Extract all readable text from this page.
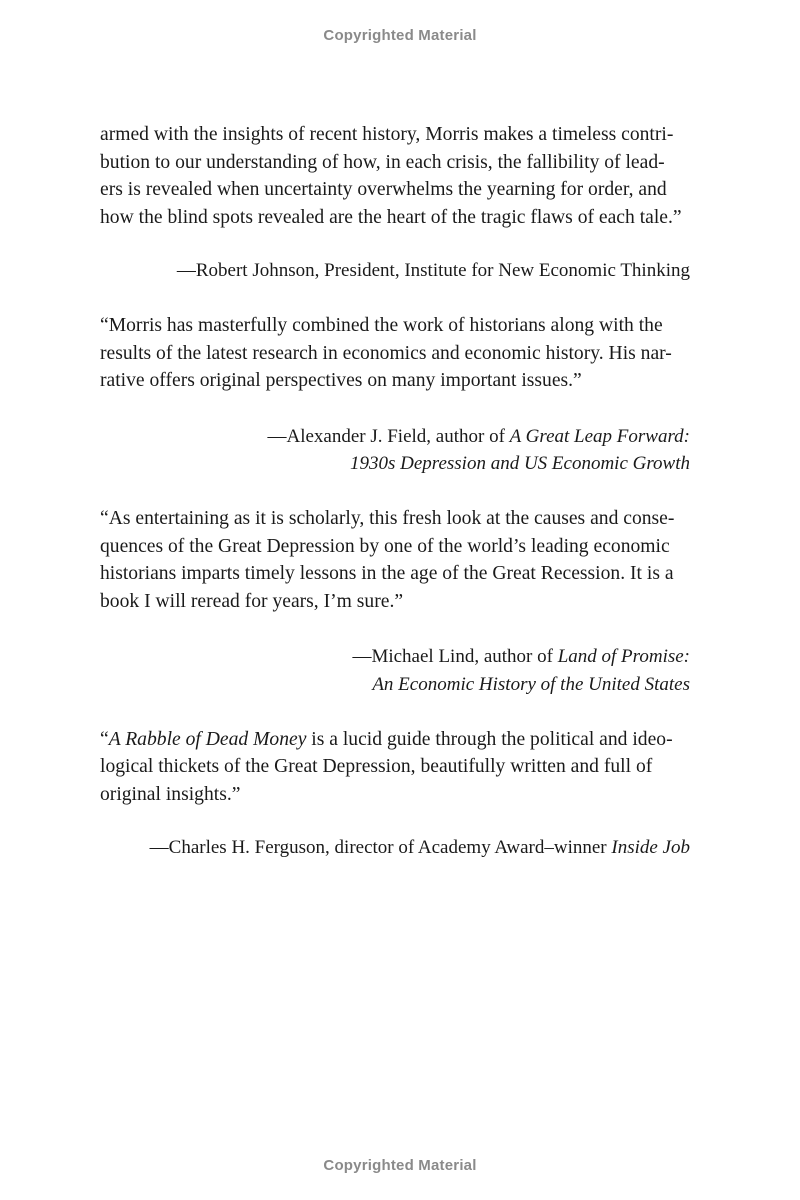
Copyrighted Material

armed with the insights of recent history, Morris makes a timeless contri-
bution to our understanding of how, in each crisis, the fallibility of lead-
ers is revealed when uncertainty overwhelms the yearning for order, and
how the blind spots revealed are the heart of the tragic flaws of each tale.”

—Robert Johnson, President, Institute for New Economic Thinking

“Morris has masterfully combined the work of historians along with the
results of the latest research in economics and economic history. His nar-
rative offers original perspectives on many important issues.”

—Alexander J. Field, author of A Great Leap Forward:
1930s Depression and US Economic Growth

“As entertaining as it is scholarly, this fresh look at the causes and conse-
quences of the Great Depression by one of the world’s leading economic
historians imparts timely lessons in the age of the Great Recession. It is a
book I will reread for years, I’m sure.”

—Michael Lind, author of Land of Promise:
An Economic History of the United States

“A Rabble of Dead Money is a lucid guide through the political and ideo-
logical thickets of the Great Depression, beautifully written and full of
original insights.”

—Charles H. Ferguson, director of Academy Award–winner Inside Job

Copyrighted Material
